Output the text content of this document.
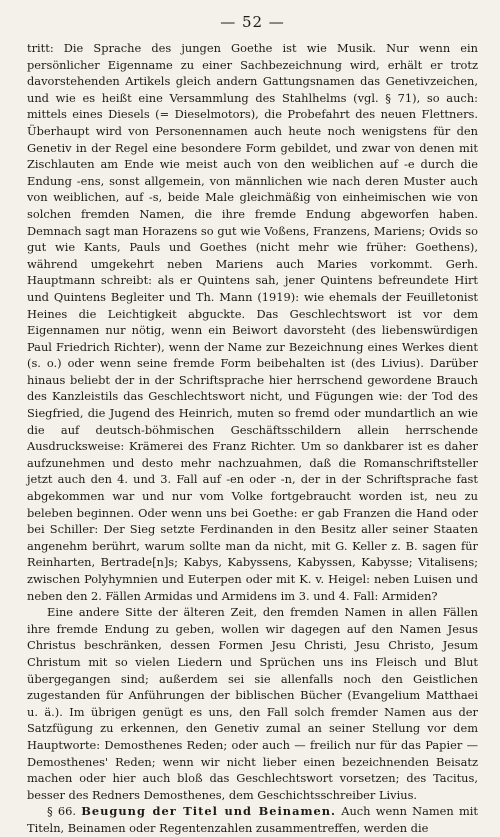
— 52 —

tritt: Die Sprache des jungen Goethe ist wie Musik. Nur wenn ein persönlicher Eigenname zu einer Sachbezeichnung wird, erhält er trotz davorstehenden Artikels gleich andern Gattungsnamen das Genetivzeichen, und wie es heißt eine Versammlung des Stahlhelms (vgl. § 71), so auch: mittels eines Diesels (= Dieselmotors), die Probefahrt des neuen Flettners. Überhaupt wird von Personennamen auch heute noch wenigstens für den Genetiv in der Regel eine besondere Form gebildet, und zwar von denen mit Zischlauten am Ende wie meist auch von den weiblichen auf -e durch die Endung -ens, sonst allgemein, von männlichen wie nach deren Muster auch von weiblichen, auf -s, beide Male gleichmäßig von einheimischen wie von solchen fremden Namen, die ihre fremde Endung abgeworfen haben. Demnach sagt man Horazens so gut wie Voßens, Franzens, Mariens; Ovids so gut wie Kants, Pauls und Goethes (nicht mehr wie früher: Goethens), während umgekehrt neben Mariens auch Maries vorkommt. Gerh. Hauptmann schreibt: als er Quintens sah, jener Quintens befreundete Hirt und Quintens Begleiter und Th. Mann (1919): wie ehemals der Feuilletonist Heines die Leichtigkeit abguckte. Das Geschlechtswort ist vor dem Eigennamen nur nötig, wenn ein Beiwort davorsteht (des liebenswürdigen Paul Friedrich Richter), wenn der Name zur Bezeichnung eines Werkes dient (s. o.) oder wenn seine fremde Form beibehalten ist (des Livius). Darüber hinaus beliebt der in der Schriftsprache hier herrschend gewordene Brauch des Kanzleistils das Geschlechtswort nicht, und Fügungen wie: der Tod des Siegfried, die Jugend des Heinrich, muten so fremd oder mundartlich an wie die auf deutsch-böhmischen Geschäftsschildern allein herrschende Ausdrucksweise: Krämerei des Franz Richter. Um so dankbarer ist es daher aufzunehmen und desto mehr nachzuahmen, daß die Romanschriftsteller jetzt auch den 4. und 3. Fall auf -en oder -n, der in der Schriftsprache fast abgekommen war und nur vom Volke fortgebraucht worden ist, neu zu beleben beginnen. Oder wenn uns bei Goethe: er gab Franzen die Hand oder bei Schiller: Der Sieg setzte Ferdinanden in den Besitz aller seiner Staaten angenehm berührt, warum sollte man da nicht, mit G. Keller z. B. sagen für Reinharten, Bertrade[n]s; Kabys, Kabyssens, Kabyssen, Kabysse; Vitalisens; zwischen Polyhymnien und Euterpen oder mit K. v. Heigel: neben Luisen und neben den 2. Fällen Armidas und Armidens im 3. und 4. Fall: Armiden?

Eine andere Sitte der älteren Zeit, den fremden Namen in allen Fällen ihre fremde Endung zu geben, wollen wir dagegen auf den Namen Jesus Christus beschränken, dessen Formen Jesu Christi, Jesu Christo, Jesum Christum mit so vielen Liedern und Sprüchen uns ins Fleisch und Blut übergegangen sind; außerdem sei sie allenfalls noch den Geistlichen zugestanden für Anführungen der biblischen Bücher (Evangelium Matthaei u. ä.). Im übrigen genügt es uns, den Fall solch fremder Namen aus der Satzfügung zu erkennen, den Genetiv zumal an seiner Stellung vor dem Hauptworte: Demosthenes Reden; oder auch — freilich nur für das Papier — Demosthenes' Reden; wenn wir nicht lieber einen bezeichnenden Beisatz machen oder hier auch bloß das Geschlechtswort vorsetzen; des Tacitus, besser des Redners Demosthenes, dem Geschichtsschreiber Livius.

§ 66. Beugung der Titel und Beinamen. Auch wenn Namen mit Titeln, Beinamen oder Regentenzahlen zusammentreffen, werden die
